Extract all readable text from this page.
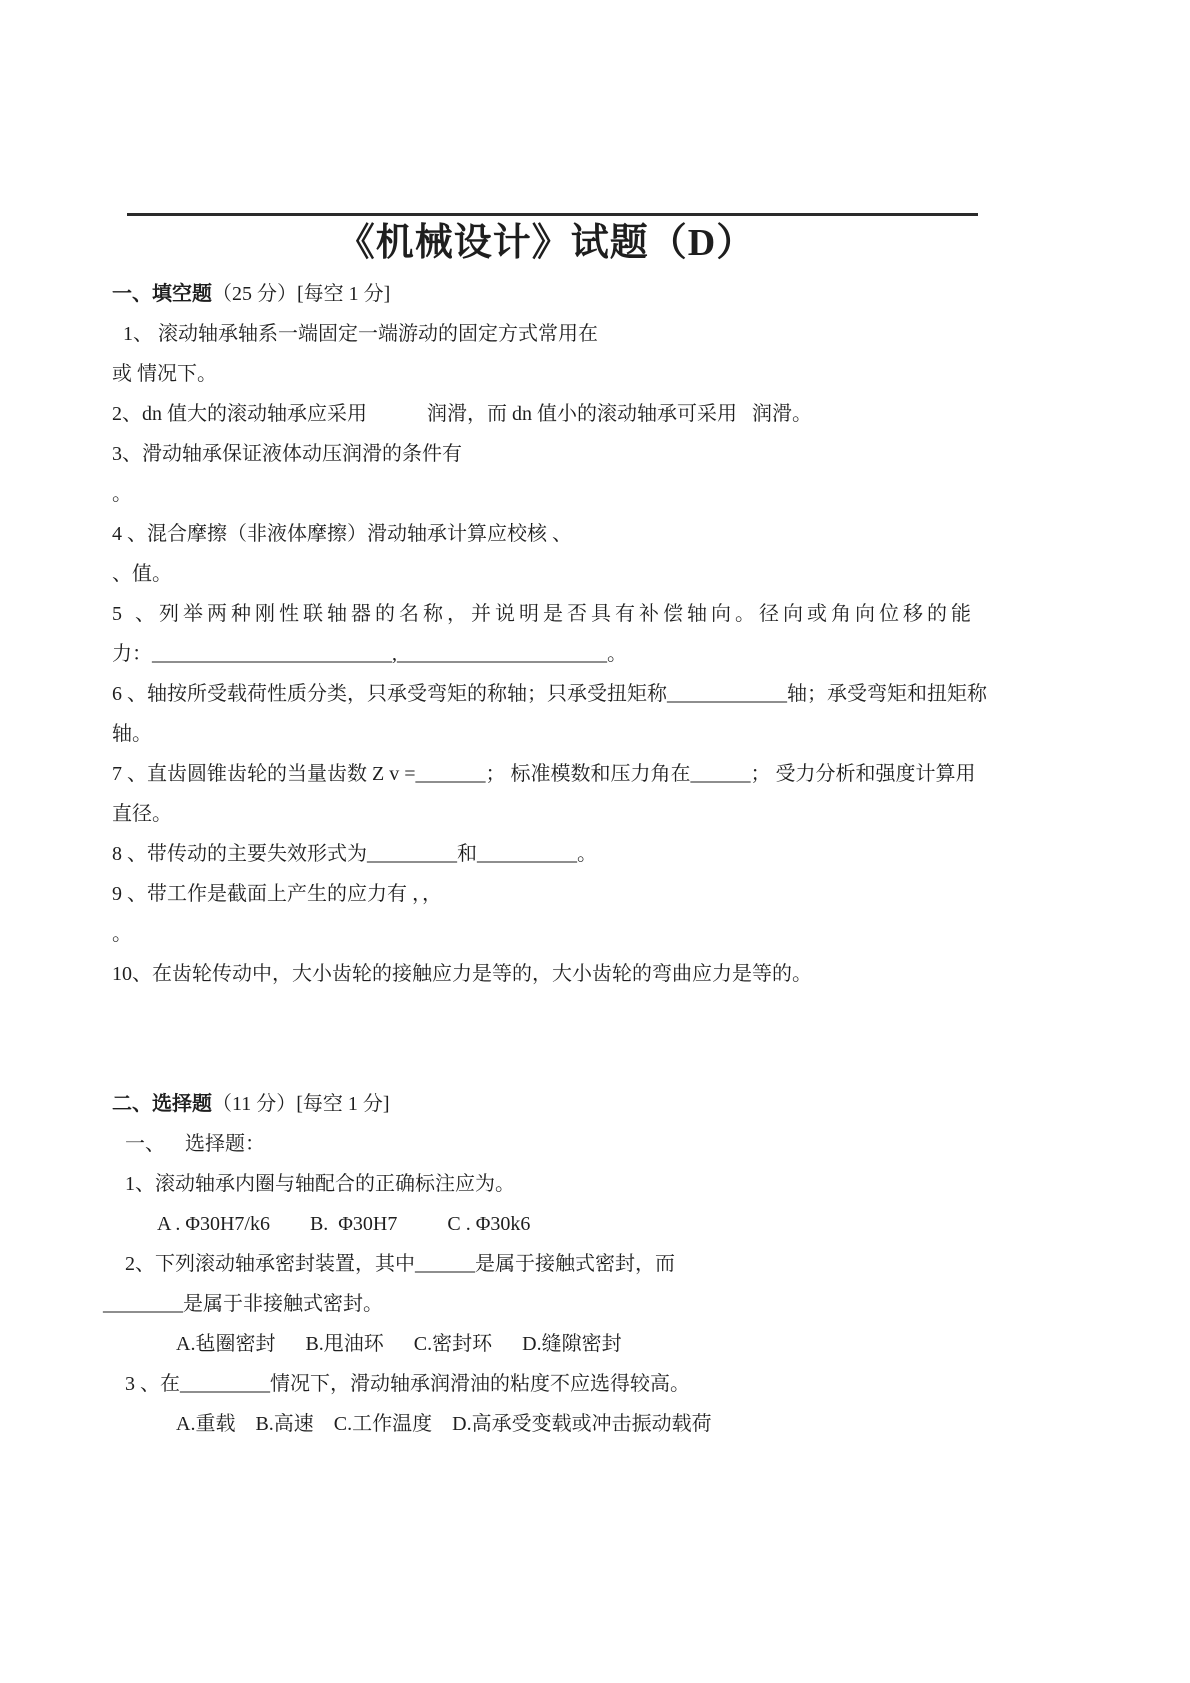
《机械设计》试题（D）

一、填空题（25 分）[每空 1 分]

1、 滚动轴承轴系一端固定一端游动的固定方式常用在

或 情况下。

2、dn 值大的滚动轴承应采用            润滑，而 dn 值小的滚动轴承可采用   润滑。

3、滑动轴承保证液体动压润滑的条件有

。

4 、混合摩擦（非液体摩擦）滑动轴承计算应校核 、

、值。

5 、列举两种刚性联轴器的名称，并说明是否具有补偿轴向。径向或角向位移的能

力：________________________,_____________________。

6 、轴按所受载荷性质分类，只承受弯矩的称轴；只承受扭矩称____________轴；承受弯矩和扭矩称

轴。

7 、直齿圆锥齿轮的当量齿数 Z v =_______； 标准模数和压力角在______； 受力分析和强度计算用

直径。

8 、带传动的主要失效形式为_________和__________。

9 、带工作是截面上产生的应力有 ，，

。

10、在齿轮传动中，大小齿轮的接触应力是等的，大小齿轮的弯曲应力是等的。

二、选择题（11 分）[每空 1 分]

一、    选择题：

1、滚动轴承内圈与轴配合的正确标注应为。

A . Φ30H7/k6        B.  Φ30H7          C . Φ30k6

2、下列滚动轴承密封装置，其中______是属于接触式密封，而

________是属于非接触式密封。

A.毡圈密封      B.甩油环      C.密封环      D.缝隙密封

3 、在_________情况下，滑动轴承润滑油的粘度不应选得较高。

A.重载    B.高速    C.工作温度    D.高承受变载或冲击振动载荷
